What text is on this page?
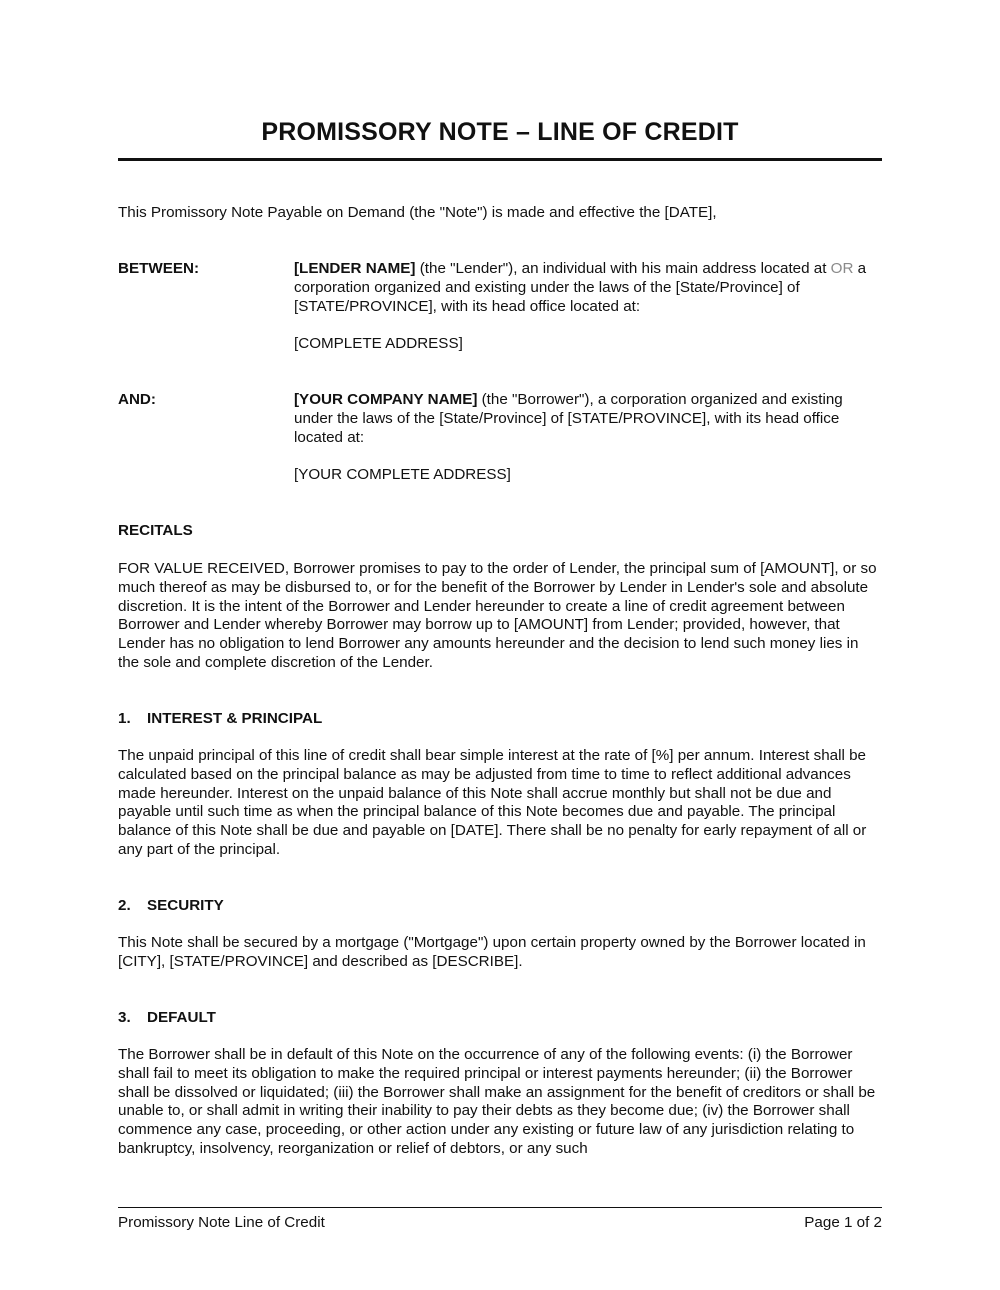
PROMISSORY NOTE – LINE OF CREDIT
This Promissory Note Payable on Demand (the "Note") is made and effective the [DATE],
BETWEEN:	[LENDER NAME] (the "Lender"), an individual with his main address located at OR a corporation organized and existing under the laws of the [State/Province] of [STATE/PROVINCE], with its head office located at:
[COMPLETE ADDRESS]
AND:	[YOUR COMPANY NAME] (the "Borrower"), a corporation organized and existing under the laws of the [State/Province] of [STATE/PROVINCE], with its head office located at:
[YOUR COMPLETE ADDRESS]
RECITALS
FOR VALUE RECEIVED, Borrower promises to pay to the order of Lender, the principal sum of [AMOUNT], or so much thereof as may be disbursed to, or for the benefit of the Borrower by Lender in Lender's sole and absolute discretion. It is the intent of the Borrower and Lender hereunder to create a line of credit agreement between Borrower and Lender whereby Borrower may borrow up to [AMOUNT] from Lender; provided, however, that Lender has no obligation to lend Borrower any amounts hereunder and the decision to lend such money lies in the sole and complete discretion of the Lender.
1. INTEREST & PRINCIPAL
The unpaid principal of this line of credit shall bear simple interest at the rate of [%] per annum. Interest shall be calculated based on the principal balance as may be adjusted from time to time to reflect additional advances made hereunder. Interest on the unpaid balance of this Note shall accrue monthly but shall not be due and payable until such time as when the principal balance of this Note becomes due and payable. The principal balance of this Note shall be due and payable on [DATE]. There shall be no penalty for early repayment of all or any part of the principal.
2. SECURITY
This Note shall be secured by a mortgage ("Mortgage") upon certain property owned by the Borrower located in [CITY], [STATE/PROVINCE] and described as [DESCRIBE].
3. DEFAULT
The Borrower shall be in default of this Note on the occurrence of any of the following events: (i) the Borrower shall fail to meet its obligation to make the required principal or interest payments hereunder; (ii) the Borrower shall be dissolved or liquidated; (iii) the Borrower shall make an assignment for the benefit of creditors or shall be unable to, or shall admit in writing their inability to pay their debts as they become due; (iv) the Borrower shall commence any case, proceeding, or other action under any existing or future law of any jurisdiction relating to bankruptcy, insolvency, reorganization or relief of debtors, or any such
Promissory Note Line of Credit	Page 1 of 2
